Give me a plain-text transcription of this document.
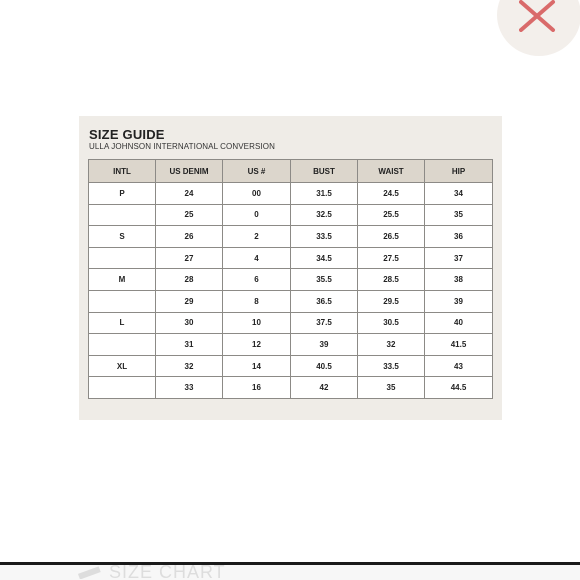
SIZE GUIDE
ULLA JOHNSON INTERNATIONAL CONVERSION
INTL	US DENIM	US #	BUST	WAIST	HIP
P	24	00	31.5	24.5	34
	25	0	32.5	25.5	35
S	26	2	33.5	26.5	36
	27	4	34.5	27.5	37
M	28	6	35.5	28.5	38
	29	8	36.5	29.5	39
L	30	10	37.5	30.5	40
	31	12	39	32	41.5
XL	32	14	40.5	33.5	43
	33	16	42	35	44.5
SIZE CHART
